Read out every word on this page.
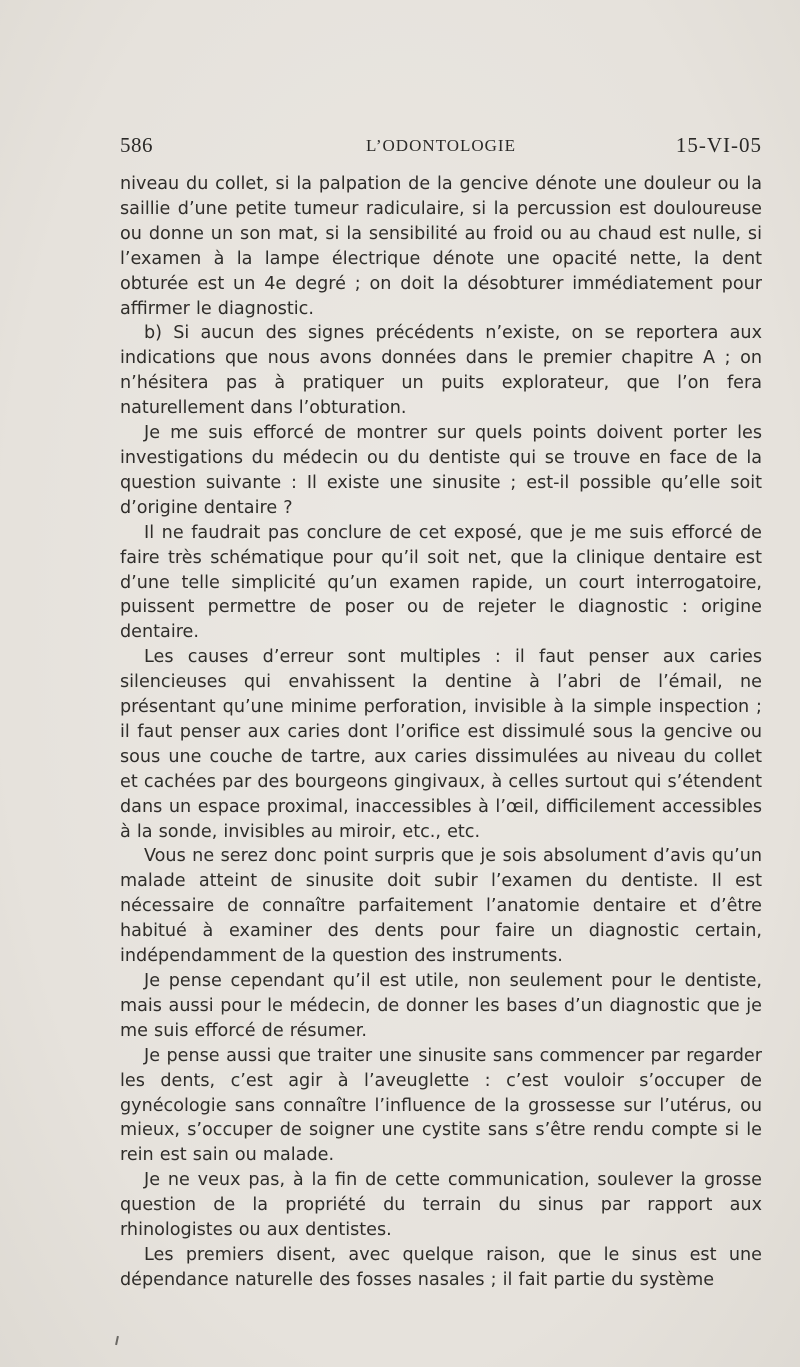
586	L’ODONTOLOGIE	15-VI-05

niveau du collet, si la palpation de la gencive dénote une douleur ou la saillie d’une petite tumeur radiculaire, si la percussion est douloureuse ou donne un son mat, si la sensibilité au froid ou au chaud est nulle, si l’examen à la lampe électrique dénote une opacité nette, la dent obturée est un 4e degré ; on doit la désobturer immédiatement pour affirmer le diagnostic.

b) Si aucun des signes précédents n’existe, on se reportera aux indications que nous avons données dans le premier chapitre A ; on n’hésitera pas à pratiquer un puits explorateur, que l’on fera naturellement dans l’obturation.

Je me suis efforcé de montrer sur quels points doivent porter les investigations du médecin ou du dentiste qui se trouve en face de la question suivante : Il existe une sinusite ; est-il possible qu’elle soit d’origine dentaire ?

Il ne faudrait pas conclure de cet exposé, que je me suis efforcé de faire très schématique pour qu’il soit net, que la clinique dentaire est d’une telle simplicité qu’un examen rapide, un court interrogatoire, puissent permettre de poser ou de rejeter le diagnostic : origine dentaire.

Les causes d’erreur sont multiples : il faut penser aux caries silencieuses qui envahissent la dentine à l’abri de l’émail, ne présentant qu’une minime perforation, invisible à la simple inspection ; il faut penser aux caries dont l’orifice est dissimulé sous la gencive ou sous une couche de tartre, aux caries dissimulées au niveau du collet et cachées par des bourgeons gingivaux, à celles surtout qui s’étendent dans un espace proximal, inaccessibles à l’œil, difficilement accessibles à la sonde, invisibles au miroir, etc., etc.

Vous ne serez donc point surpris que je sois absolument d’avis qu’un malade atteint de sinusite doit subir l’examen du dentiste. Il est nécessaire de connaître parfaitement l’anatomie dentaire et d’être habitué à examiner des dents pour faire un diagnostic certain, indépendamment de la question des instruments.

Je pense cependant qu’il est utile, non seulement pour le dentiste, mais aussi pour le médecin, de donner les bases d’un diagnostic que je me suis efforcé de résumer.

Je pense aussi que traiter une sinusite sans commencer par regarder les dents, c’est agir à l’aveuglette : c’est vouloir s’occuper de gynécologie sans connaître l’influence de la grossesse sur l’utérus, ou mieux, s’occuper de soigner une cystite sans s’être rendu compte si le rein est sain ou malade.

Je ne veux pas, à la fin de cette communication, soulever la grosse question de la propriété du terrain du sinus par rapport aux rhinologistes ou aux dentistes.

Les premiers disent, avec quelque raison, que le sinus est une dépendance naturelle des fosses nasales ; il fait partie du système
